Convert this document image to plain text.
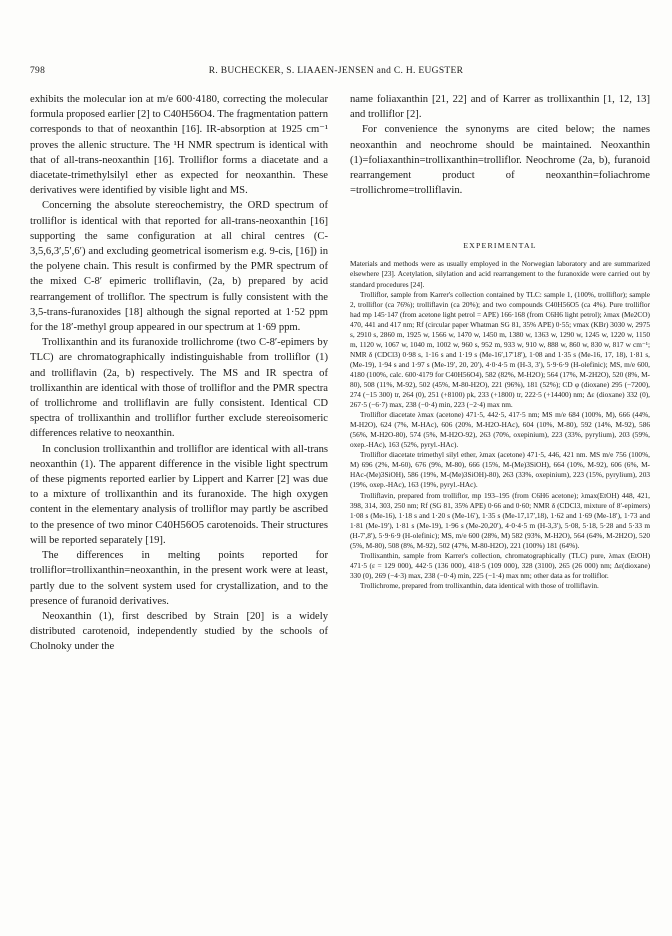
798	R. BUCHECKER, S. LIAAEN-JENSEN and C. H. EUGSTER

exhibits the molecular ion at m/e 600·4180, correcting the molecular formula proposed earlier [2] to C40H56O4. The fragmentation pattern corresponds to that of neoxanthin [16]. IR-absorption at 1925 cm⁻¹ proves the allenic structure. The ¹H NMR spectrum is identical with that of all-trans-neoxanthin [16]. Trolliflor forms a diacetate and a diacetate-trimethylsilyl ether as expected for neoxanthin. These derivatives were identified by visible light and MS.

Concerning the absolute stereochemistry, the ORD spectrum of trolliflor is identical with that reported for all-trans-neoxanthin [16] supporting the same configuration at all chiral centres (C-3,5,6,3′,5′,6′) and excluding geometrical isomerism e.g. 9-cis, [16]) in the polyene chain. This result is confirmed by the PMR spectrum of the mixed C-8′ epimeric trolliflavin, (2a, b) prepared by acid rearrangement of trolliflor. The spectrum is fully consistent with the 3,5-trans-furanoxides [18] although the signal reported at 1·52 ppm for the 18′-methyl group appeared in our spectrum at 1·69 ppm.

Trollixanthin and its furanoxide trollichrome (two C-8′-epimers by TLC) are chromatographically indistinguishable from trolliflor (1) and trolliflavin (2a, b) respectively. The MS and IR spectra of trollixanthin are identical with those of trolliflor and the PMR spectra of trollichrome and trolliflavin are fully consistent. Identical CD spectra of trollixanthin and trolliflor further exclude stereoisomeric differences relative to neoxanthin.

In conclusion trollixanthin and trolliflor are identical with all-trans neoxanthin (1). The apparent difference in the visible light spectrum of these pigments reported earlier by Lippert and Karrer [2] was due to a mixture of trollixanthin and its furanoxide. The high oxygen content in the elementary analysis of trolliflor may partly be ascribed to the presence of two minor C40H56O5 carotenoids. Their structures will be reported separately [19].

The differences in melting points reported for trolliflor=trollixanthin=neoxanthin, in the present work were at least, partly due to the solvent system used for crystallization, and to the presence of furanoid derivatives.

Neoxanthin (1), first described by Strain [20] is a widely distributed carotenoid, independently studied by the schools of Cholnoky under the

name foliaxanthin [21, 22] and of Karrer as trollixanthin [1, 12, 13] and trolliflor [2].

For convenience the synonyms are cited below; the names neoxanthin and neochrome should be maintained. Neoxanthin (1)=foliaxanthin=trollixanthin=trolliflor. Neochrome (2a, b), furanoid rearrangement product of neoxanthin=foliachrome =trollichrome=trolliflavin.

EXPERIMENTAL

Materials and methods were as usually employed in the Norwegian laboratory and are summarized elsewhere [23]. Acetylation, silylation and acid rearrangement to the furanoxide were carried out by standard procedures [24].

Trolliflor, sample from Karrer's collection contained by TLC: sample 1, (100%, trolliflor); sample 2, trolliflor (ca 76%); trolliflavin (ca 20%); and two compounds C40H56O5 (ca 4%). Pure trolliflor had mp 145·147 (from acetone light petrol = APE) 166·168 (from C6H6 light petrol); λmax (Me2CO) 470, 441 and 417 nm; Rf (circular paper Whatman SG 81, 35% APE) 0·55; νmax (KBr) 3030 w, 2975 s, 2910 s, 2860 m, 1925 w, 1566 w, 1470 w, 1450 m, 1380 w, 1363 w, 1290 w, 1245 w, 1220 w, 1150 m, 1120 w, 1067 w, 1040 m, 1002 w, 960 s, 952 m, 933 w, 910 w, 888 w, 860 w, 830 w, 817 w cm⁻¹; NMR δ (CDCl3) 0·98 s, 1·16 s and 1·19 s (Me-16′,17′18′), 1·08 and 1·35 s (Me-16, 17, 18), 1·81 s, (Me-19), 1·94 s and 1·97 s (Me-19′, 20, 20′), 4·0·4·5 m (H-3, 3′), 5·9·6·9 (H-olefinic); MS, m/e 600, 4180 (100%, calc. 600·4179 for C40H56O4), 582 (82%, M-H2O); 564 (17%, M-2H2O), 520 (8%, M-80), 508 (11%, M-92), 502 (45%, M-80-H2O), 221 (96%), 181 (52%); CD φ (dioxane) 295 (−7200), 274 (−15 300) tr, 264 (0), 251 (+8100) pk, 233 (+1800) tr, 222·5 (+14400) nm; Δε (dioxane) 332 (0), 267·5 (−6·7) max, 238 (−0·4) min, 223 (−2·4) max nm.

Trolliflor diacetate λmax (acetone) 471·5, 442·5, 417·5 nm; MS m/e 684 (100%, M), 666 (44%, M-H2O), 624 (7%, M-HAc), 606 (20%, M-H2O-HAc), 604 (10%, M-80), 592 (14%, M-92), 586 (56%, M-H2O-80), 574 (5%, M-H2O-92), 263 (70%, oxepinium), 223 (33%, pyrylium), 203 (59%, oxep.-HAc), 163 (52%, pyryl.-HAc).

Trolliflor diacetate trimethyl silyl ether, λmax (acetone) 471·5, 446, 421 nm. MS m/e 756 (100%, M) 696 (2%, M-60), 676 (9%, M-80), 666 (15%, M-(Me)3SiOH), 664 (10%, M-92), 606 (6%, M-HAc-(Me)3SiOH), 586 (19%, M-(Me)3SiOH)-80), 263 (33%, oxepinium), 223 (15%, pyrylium), 203 (19%, oxep.-HAc), 163 (19%, pyryl.-HAc).

Trolliflavin, prepared from trolliflor, mp 193–195 (from C6H6 acetone); λmax(EtOH) 448, 421, 398, 314, 303, 250 nm; Rf (SG 81, 35% APE) 0·66 and 0·60; NMR δ (CDCl3, mixture of 8′-epimers) 1·08 s (Me-16), 1·18 s and 1·20 s (Me-16′), 1·35 s (Me-17,17′,18), 1·62 and 1·69 (Me-18′), 1·73 and 1·81 (Me-19′), 1·81 s (Me-19), 1·96 s (Me-20,20′), 4·0·4·5 m (H-3,3′), 5·08, 5·18, 5·28 and 5·33 m (H-7′,8′), 5·9·6·9 (H-olefinic); MS, m/e 600 (28%, M) 582 (93%, M-H2O), 564 (64%, M-2H2O), 520 (5%, M-80), 508 (8%, M-92), 502 (47%, M-80-H2O), 221 (100%) 181 (64%).

Trollixanthin, sample from Karrer's collection, chromatographically (TLC) pure, λmax (EtOH) 471·5 (ε = 129 000), 442·5 (136 000), 418·5 (109 000), 328 (3100), 265 (26 000) nm; Δε(dioxane) 330 (0), 269 (−4·3) max, 238 (−0·4) min, 225 (−1·4) max nm; other data as for trolliflor.

Trollichrome, prepared from trollixanthin, data identical with those of trolliflavin.
